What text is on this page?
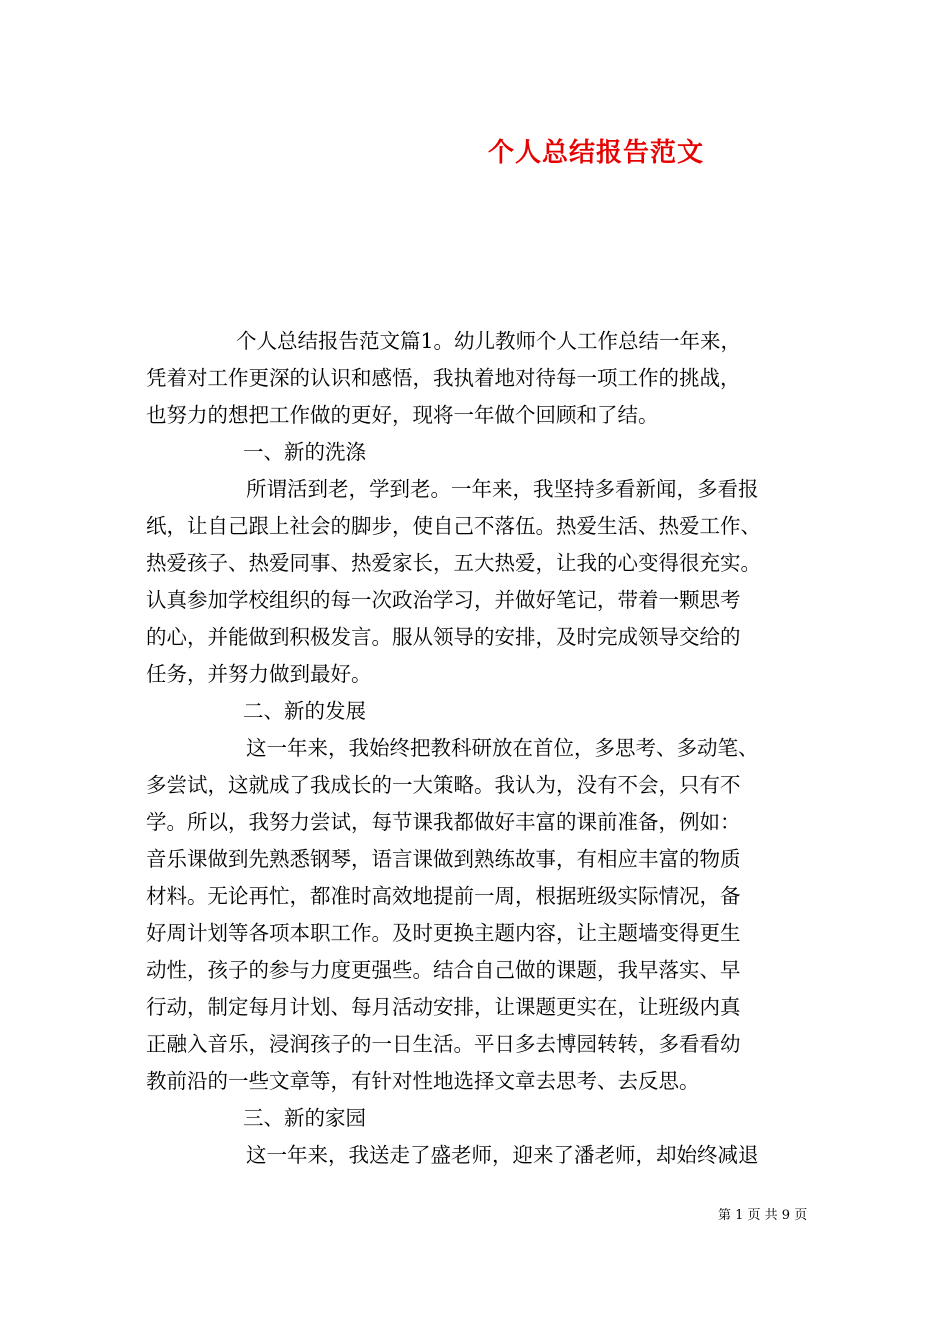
个人总结报告范文
个人总结报告范文篇1。幼儿教师个人工作总结一年来，
凭着对工作更深的认识和感悟，我执着地对待每一项工作的挑战，
也努力的想把工作做的更好，现将一年做个回顾和了结。
一、新的洗涤
所谓活到老，学到老。一年来，我坚持多看新闻，多看报
纸，让自己跟上社会的脚步，使自己不落伍。热爱生活、热爱工作、
热爱孩子、热爱同事、热爱家长，五大热爱，让我的心变得很充实。
认真参加学校组织的每一次政治学习，并做好笔记，带着一颗思考
的心，并能做到积极发言。服从领导的安排，及时完成领导交给的
任务，并努力做到最好。
二、新的发展
这一年来，我始终把教科研放在首位，多思考、多动笔、
多尝试，这就成了我成长的一大策略。我认为，没有不会，只有不
学。所以，我努力尝试，每节课我都做好丰富的课前准备，例如：
音乐课做到先熟悉钢琴，语言课做到熟练故事，有相应丰富的物质
材料。无论再忙，都准时高效地提前一周，根据班级实际情况，备
好周计划等各项本职工作。及时更换主题内容，让主题墙变得更生
动性，孩子的参与力度更强些。结合自己做的课题，我早落实、早
行动，制定每月计划、每月活动安排，让课题更实在，让班级内真
正融入音乐，浸润孩子的一日生活。平日多去博园转转，多看看幼
教前沿的一些文章等，有针对性地选择文章去思考、去反思。
三、新的家园
这一年来，我送走了盛老师，迎来了潘老师，却始终减退
第 1 页 共 9 页
